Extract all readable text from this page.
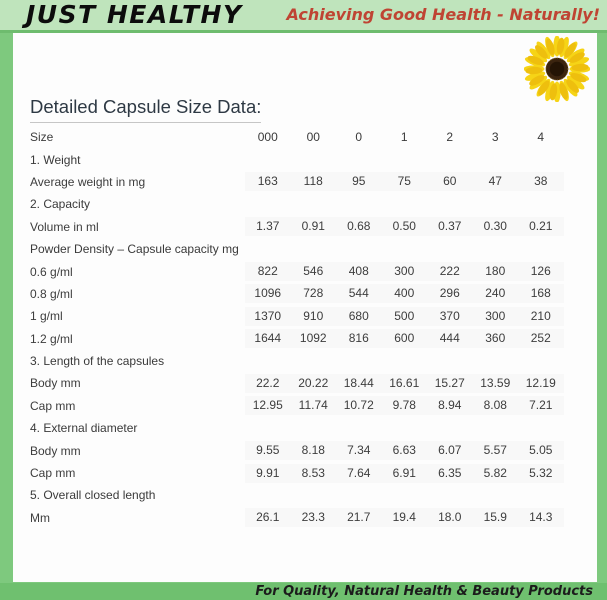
JUST HEALTHY	Achieving Good Health - Naturally!
Detailed Capsule Size Data:
Size	000	00	0	1	2	3	4
1. Weight
Average weight in mg	163	118	95	75	60	47	38
2. Capacity
Volume in ml	1.37	0.91	0.68	0.50	0.37	0.30	0.21
Powder Density – Capsule capacity mg
0.6 g/ml	822	546	408	300	222	180	126
0.8 g/ml	1096	728	544	400	296	240	168
1 g/ml	1370	910	680	500	370	300	210
1.2 g/ml	1644	1092	816	600	444	360	252
3. Length of the capsules
Body mm	22.2	20.22	18.44	16.61	15.27	13.59	12.19
Cap mm	12.95	11.74	10.72	9.78	8.94	8.08	7.21
4. External diameter
Body mm	9.55	8.18	7.34	6.63	6.07	5.57	5.05
Cap mm	9.91	8.53	7.64	6.91	6.35	5.82	5.32
5. Overall closed length
Mm	26.1	23.3	21.7	19.4	18.0	15.9	14.3
For Quality, Natural Health & Beauty Products
